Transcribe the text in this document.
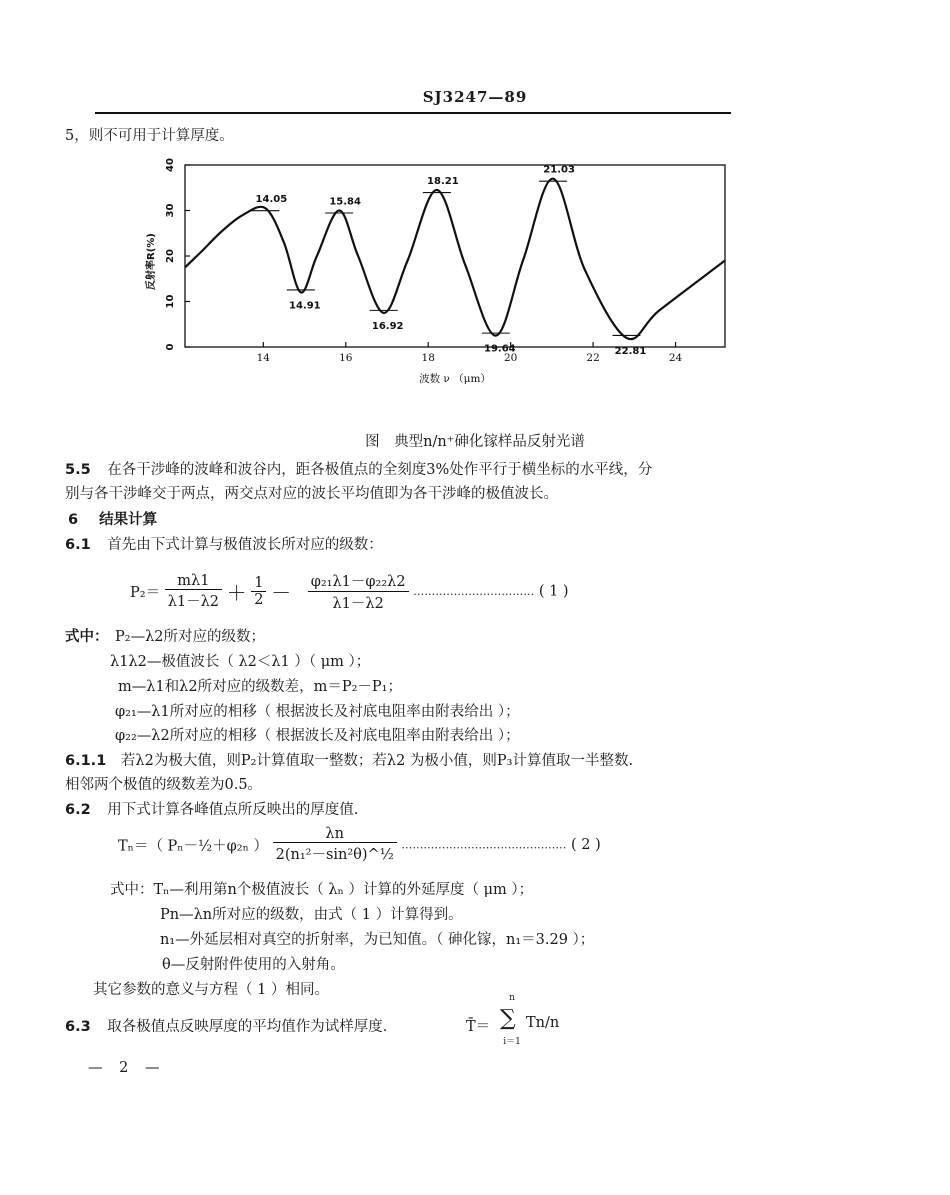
SJ3247—89
5，则不可用于计算厚度。
0
10
20
30
40
14	16	18	20	22	24
14.05
14.91
15.84
16.92
18.21
19.64
21.03
22.81
反射率R(%)
波数 ν （μm）
图　典型n/n⁺砷化镓样品反射光谱
5.5 在各干涉峰的波峰和波谷内，距各极值点的全刻度3%处作平行于横坐标的水平线，分
别与各干涉峰交于两点，两交点对应的波长平均值即为各干涉峰的极值波长。
6 结果计算
6.1 首先由下式计算与极值波长所对应的级数：
$P_2= \frac{m\lambda 1}{\lambda 1-\lambda 2} + \frac{1}{2} - \frac{\text{φ₂₁λ1－φ₂₂λ2}}{\lambda 1-\lambda 2}$ …………………………… ( 1 )
式中： P₂—λ2所对应的级数；
λ1λ2—极值波长（ λ2＜λ1 ）（ μm ）；
m—λ1和λ2所对应的级数差，m＝P₂－P₁；
φ₂₁—λ1所对应的相移（ 根据波长及衬底电阻率由附表给出 ）；
φ₂₂—λ2所对应的相移（ 根据波长及衬底电阻率由附表给出 ）；
6.1.1 若λ2为极大值，则P₂计算值取一整数；若λ2 为极小值，则P₃计算值取一半整数.
相邻两个极值的级数差为0.5。
6.2 用下式计算各峰值点所反映出的厚度值.
Tₙ＝（ Pₙ－½＋φ₂ₙ ） $\frac{\lambda n}{\text{2(n₁²－sin²θ)\textasciicircum{}½}}$ ……………………………………… ( 2 )
式中：Tₙ—利用第n个极值波长（ λₙ ）计算的外延厚度（ μm ）；
Pn—λn所对应的级数，由式（ 1 ）计算得到。
n₁—外延层相对真空的折射率，为已知值。（ 砷化镓，n₁＝3.29 ）；
θ—反射附件使用的入射角。
其它参数的意义与方程（ 1 ）相同。
6.3 取各极值点反映厚度的平均值作为试样厚度．	T̄＝
n
∑
i＝1
Tn/n
— 2 —
